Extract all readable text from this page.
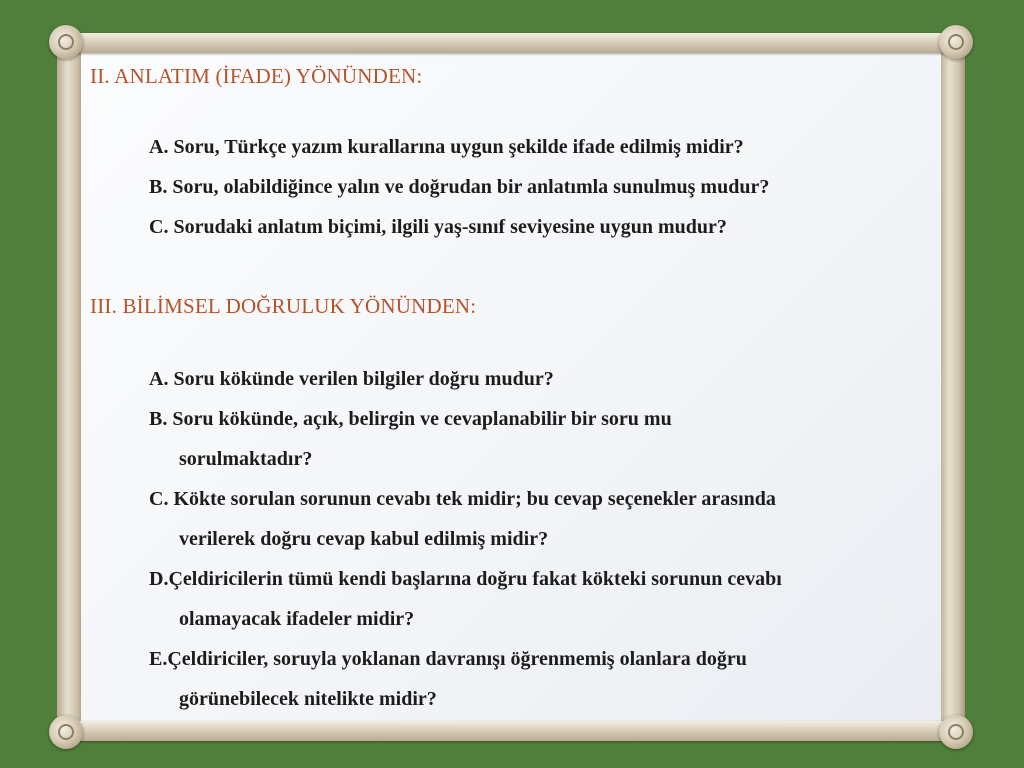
II. ANLATIM (İFADE) YÖNÜNDEN:
A. Soru, Türkçe yazım kurallarına uygun şekilde ifade edilmiş midir?
B. Soru, olabildiğince yalın ve doğrudan bir anlatımla sunulmuş mudur?
C. Sorudaki anlatım biçimi, ilgili yaş-sınıf seviyesine uygun mudur?
III. BİLİMSEL DOĞRULUK YÖNÜNDEN:
A. Soru kökünde verilen bilgiler doğru mudur?
B. Soru kökünde, açık, belirgin ve cevaplanabilir bir soru mu
sorulmaktadır?
C. Kökte sorulan sorunun cevabı tek midir; bu cevap seçenekler arasında
verilerek doğru cevap kabul edilmiş midir?
D.Çeldiricilerin tümü kendi başlarına doğru fakat kökteki sorunun cevabı
olamayacak ifadeler midir?
E.Çeldiriciler, soruyla yoklanan davranışı öğrenmemiş olanlara doğru
görünebilecek nitelikte midir?
